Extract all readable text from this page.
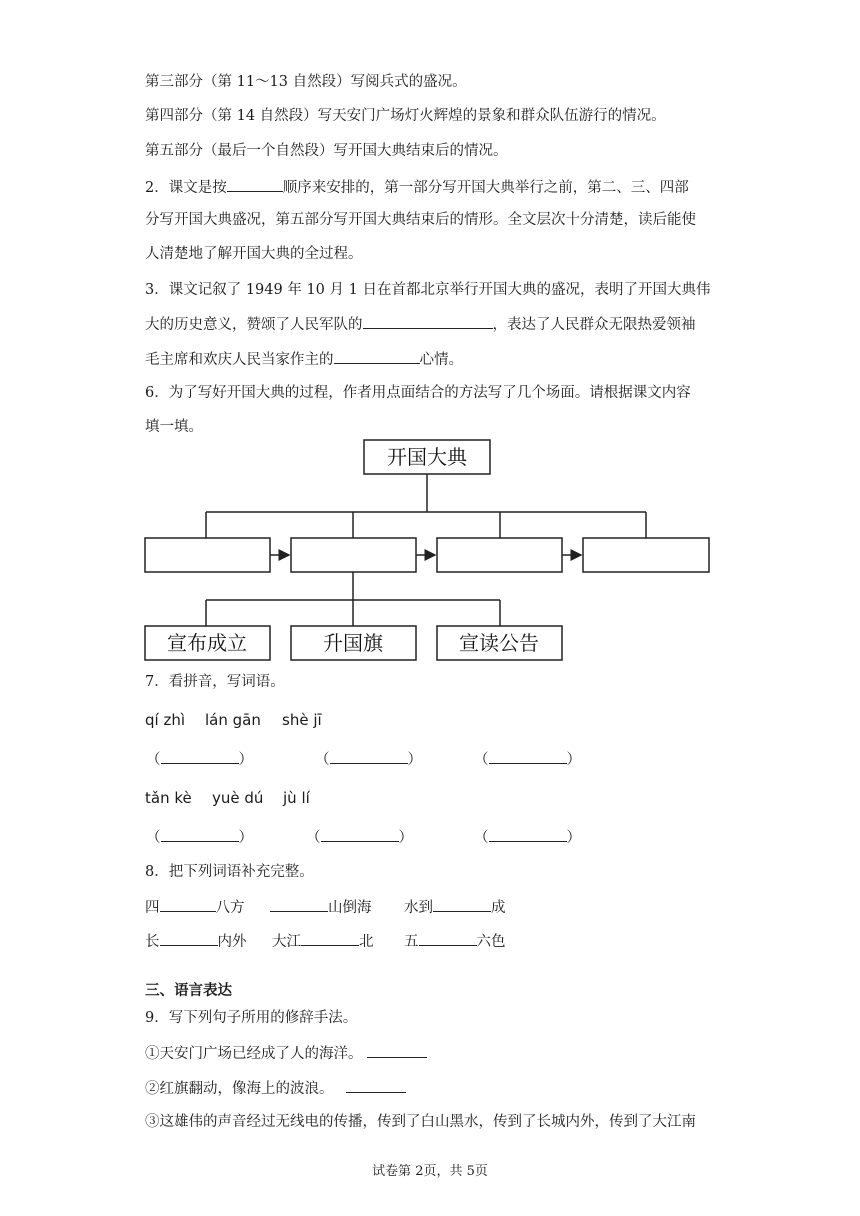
第三部分（第 11～13 自然段）写阅兵式的盛况。
第四部分（第 14 自然段）写天安门广场灯火辉煌的景象和群众队伍游行的情况。
第五部分（最后一个自然段）写开国大典结束后的情况。
2．课文是按	顺序来安排的，第一部分写开国大典举行之前，第二、三、四部
分写开国大典盛况，第五部分写开国大典结束后的情形。全文层次十分清楚，读后能使
人清楚地了解开国大典的全过程。
3．课文记叙了 1949 年 10 月 1 日在首都北京举行开国大典的盛况，表明了开国大典伟
大的历史意义，赞颂了人民军队的	，表达了人民群众无限热爱领袖
毛主席和欢庆人民当家作主的	心情。
6．为了写好开国大典的过程，作者用点面结合的方法写了几个场面。请根据课文内容
填一填。
开国大典
宣布成立	升国旗	宣读公告
7．看拼音，写词语。
qí zhì lán gān shè jī
（	）	（	）	（	）
tǎn kè yuè dú jù lí
（	）	（	）	（	）
8．把下列词语补充完整。
四	八方	山倒海 水到	成
长	内外 大江	北 五	六色
三、语言表达
9．写下列句子所用的修辞手法。
①天安门广场已经成了人的海洋。
②红旗翻动，像海上的波浪。
③这雄伟的声音经过无线电的传播，传到了白山黑水，传到了长城内外，传到了大江南
试卷第 2页，共 5页
